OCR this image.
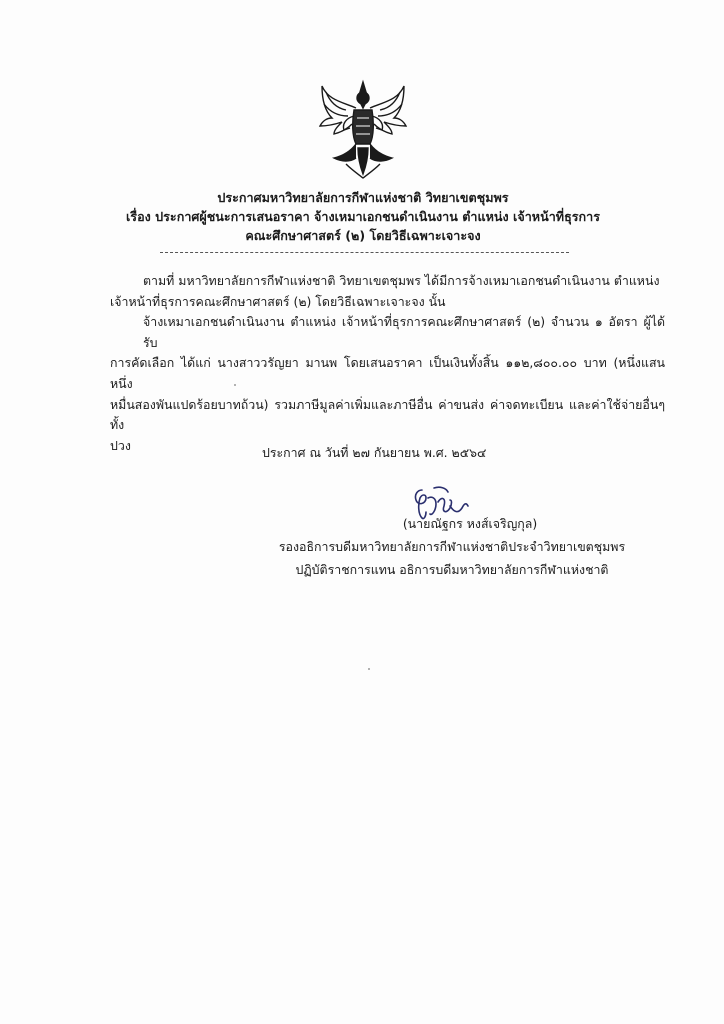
ประกาศมหาวิทยาลัยการกีฬาแห่งชาติ วิทยาเขตชุมพร
เรื่อง ประกาศผู้ชนะการเสนอราคา จ้างเหมาเอกชนดำเนินงาน ตำแหน่ง เจ้าหน้าที่ธุรการ
คณะศึกษาศาสตร์ (๒) โดยวิธีเฉพาะเจาะจง

ตามที่ มหาวิทยาลัยการกีฬาแห่งชาติ วิทยาเขตชุมพร ได้มีการจ้างเหมาเอกชนดำเนินงาน ตำแหน่ง
เจ้าหน้าที่ธุรการคณะศึกษาศาสตร์ (๒) โดยวิธีเฉพาะเจาะจง นั้น

จ้างเหมาเอกชนดำเนินงาน ตำแหน่ง เจ้าหน้าที่ธุรการคณะศึกษาศาสตร์ (๒) จำนวน ๑ อัตรา ผู้ได้รับ
การคัดเลือก ได้แก่ นางสาววรัญยา มานพ โดยเสนอราคา เป็นเงินทั้งสิ้น ๑๑๒,๘๐๐.๐๐ บาท (หนึ่งแสนหนึ่ง
หมื่นสองพันแปดร้อยบาทถ้วน) รวมภาษีมูลค่าเพิ่มและภาษีอื่น ค่าขนส่ง ค่าจดทะเบียน และค่าใช้จ่ายอื่นๆ ทั้ง
ปวง	ประกาศ ณ วันที่ ๒๗ กันยายน พ.ศ. ๒๕๖๔
(นายณัฐกร หงส์เจริญกุล)
รองอธิการบดีมหาวิทยาลัยการกีฬาแห่งชาติประจำวิทยาเขตชุมพร
ปฏิบัติราชการแทน อธิการบดีมหาวิทยาลัยการกีฬาแห่งชาติ
